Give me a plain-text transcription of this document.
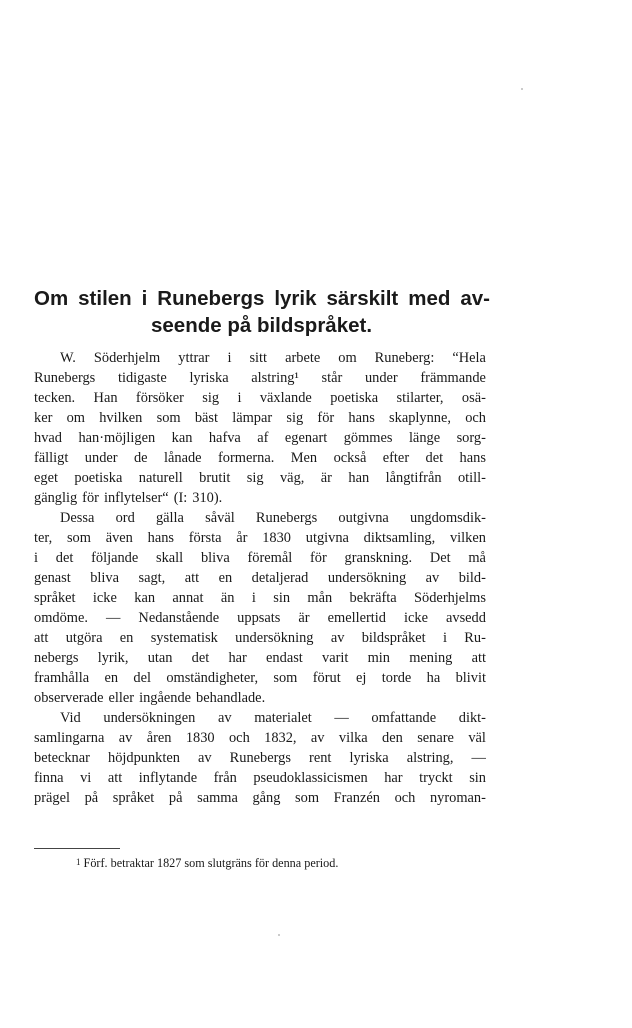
Om stilen i Runebergs lyrik särskilt med av-
seende på bildspråket.
W. Söderhjelm yttrar i sitt arbete om Runeberg: “Hela
Runebergs tidigaste lyriska alstring¹ står under främmande
tecken. Han försöker sig i växlande poetiska stilarter, osä-
ker om hvilken som bäst lämpar sig för hans skaplynne, och
hvad han·möjligen kan hafva af egenart gömmes länge sorg-
fälligt under de lånade formerna. Men också efter det hans
eget poetiska naturell brutit sig väg, är han långtifrån otill-
gänglig för inflytelser“ (I: 310).
Dessa ord gälla såväl Runebergs outgivna ungdomsdik-
ter, som även hans första år 1830 utgivna diktsamling, vilken
i det följande skall bliva föremål för granskning. Det må
genast bliva sagt, att en detaljerad undersökning av bild-
språket icke kan annat än i sin mån bekräfta Söderhjelms
omdöme. — Nedanstående uppsats är emellertid icke avsedd
att utgöra en systematisk undersökning av bildspråket i Ru-
nebergs lyrik, utan det har endast varit min mening att
framhålla en del omständigheter, som förut ej torde ha blivit
observerade eller ingående behandlade.
Vid undersökningen av materialet — omfattande dikt-
samlingarna av åren 1830 och 1832, av vilka den senare väl
betecknar höjdpunkten av Runebergs rent lyriska alstring, —
finna vi att inflytande från pseudoklassicismen har tryckt sin
prägel på språket på samma gång som Franzén och nyroman-
$^1$ Förf. betraktar 1827 som slutgräns för denna period.
